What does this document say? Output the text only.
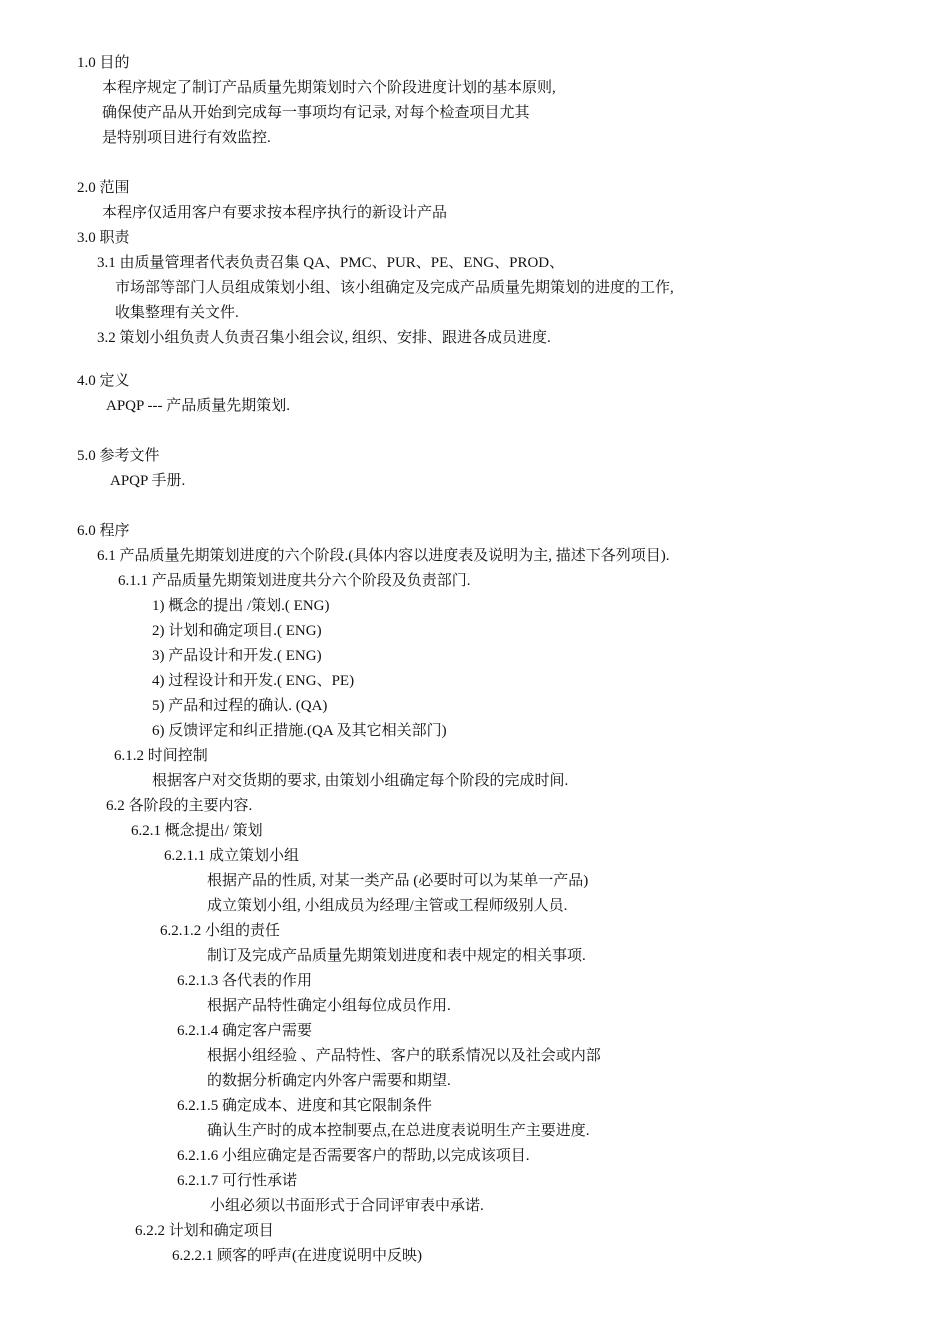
1.0 目的
本程序规定了制订产品质量先期策划时六个阶段进度计划的基本原则,
确保使产品从开始到完成每一事项均有记录, 对每个检查项目尤其
是特别项目进行有效监控.
2.0 范围
本程序仅适用客户有要求按本程序执行的新设计产品
3.0 职责
3.1 由质量管理者代表负责召集 QA、PMC、PUR、PE、ENG、PROD、
市场部等部门人员组成策划小组、该小组确定及完成产品质量先期策划的进度的工作,
收集整理有关文件.
3.2 策划小组负责人负责召集小组会议, 组织、安排、跟进各成员进度.
4.0 定义
APQP --- 产品质量先期策划.
5.0 参考文件
APQP 手册.
6.0 程序
6.1 产品质量先期策划进度的六个阶段.(具体内容以进度表及说明为主, 描述下各列项目).
6.1.1 产品质量先期策划进度共分六个阶段及负责部门.
1) 概念的提出 /策划.( ENG)
2) 计划和确定项目.( ENG)
3) 产品设计和开发.( ENG)
4) 过程设计和开发.( ENG、PE)
5) 产品和过程的确认. (QA)
6) 反馈评定和纠正措施.(QA 及其它相关部门)
6.1.2 时间控制
根据客户对交货期的要求, 由策划小组确定每个阶段的完成时间.
6.2 各阶段的主要内容.
6.2.1 概念提出/ 策划
6.2.1.1 成立策划小组
根据产品的性质, 对某一类产品 (必要时可以为某单一产品)
成立策划小组, 小组成员为经理/主管或工程师级别人员.
6.2.1.2 小组的责任
制订及完成产品质量先期策划进度和表中规定的相关事项.
6.2.1.3 各代表的作用
根据产品特性确定小组每位成员作用.
6.2.1.4 确定客户需要
根据小组经验 、产品特性、客户的联系情况以及社会或内部
的数据分析确定内外客户需要和期望.
6.2.1.5 确定成本、进度和其它限制条件
确认生产时的成本控制要点,在总进度表说明生产主要进度.
6.2.1.6 小组应确定是否需要客户的帮助,以完成该项目.
6.2.1.7 可行性承诺
小组必须以书面形式于合同评审表中承诺.
6.2.2 计划和确定项目
6.2.2.1 顾客的呼声(在进度说明中反映)
